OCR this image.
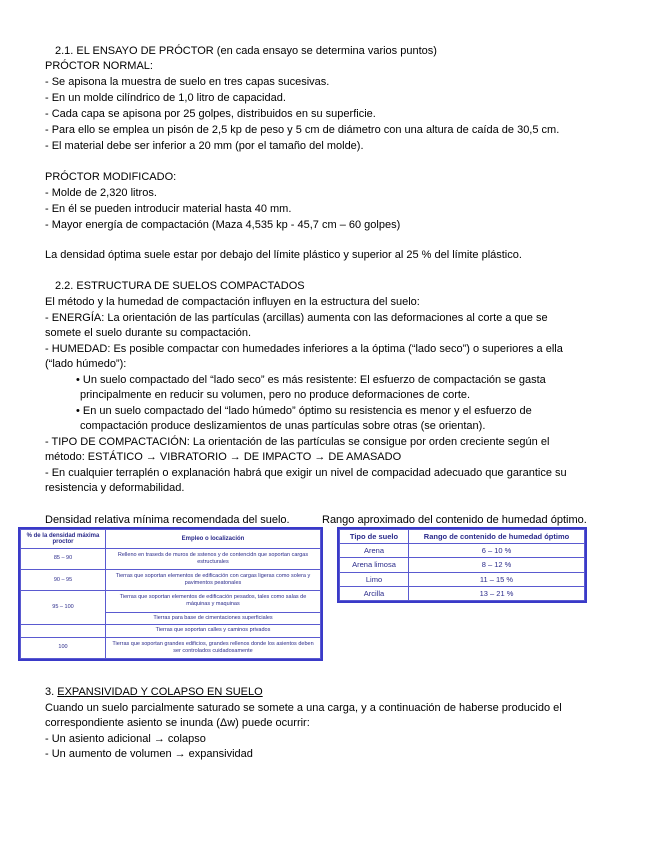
2.1. EL ENSAYO DE PRÓCTOR (en cada ensayo se determina varios puntos)
PRÓCTOR NORMAL:
- Se apisona la muestra de suelo en tres capas sucesivas.
- En un molde cilíndrico de 1,0 litro de capacidad.
- Cada capa se apisona por 25 golpes, distribuidos en su superficie.
- Para ello se emplea un pisón de 2,5 kp de peso y 5 cm de diámetro con una altura de caída de 30,5 cm.
- El material debe ser inferior a 20 mm (por el tamaño del molde).
PRÓCTOR MODIFICADO:
- Molde de 2,320 litros.
- En él se pueden introducir material hasta 40 mm.
- Mayor energía de compactación (Maza 4,535 kp - 45,7 cm – 60 golpes)
La densidad óptima suele estar por debajo del límite plástico y superior al 25 % del límite plástico.
2.2. ESTRUCTURA DE SUELOS COMPACTADOS
El método y la humedad de compactación influyen en la estructura del suelo:
- ENERGÍA: La orientación de las partículas (arcillas) aumenta con las deformaciones al corte a que se
somete el suelo durante su compactación.
- HUMEDAD: Es posible compactar con humedades inferiores a la óptima (“lado seco”) o superiores a ella
(“lado húmedo”):
• Un suelo compactado del “lado seco” es más resistente: El esfuerzo de compactación se gasta
principalmente en reducir su volumen, pero no produce deformaciones de corte.
• En un suelo compactado del “lado húmedo” óptimo su resistencia es menor y el esfuerzo de
compactación produce deslizamientos de unas partículas sobre otras (se orientan).
- TIPO DE COMPACTACIÓN: La orientación de las partículas se consigue por orden creciente según el
método: ESTÁTICO → VIBRATORIO → DE IMPACTO → DE AMASADO
- En cualquier terraplén o explanación habrá que exigir un nivel de compacidad adecuado que garantice su
resistencia y deformabilidad.
Densidad relativa mínima recomendada del suelo.	Rango aproximado del contenido de humedad óptimo.
% de la densidad máxima proctor	Empleo o localización
85 – 90	Relleno en traseds de muros de sstenos y de contencidn que soportan cargas estructurales
90 – 95	Tierras que soportan elementos de edificación con cargas ligeras como solera y pavimentos peatonales
95 – 100	Tierras que soportan elementos de edificación pesados, tales como salas de máquinas y maquinas
	Tierras para base de cimentaciones superficiales
	Tierras que soportan calles y caminos privados
100	Tierras que soportan grandes edificios, grandes rellenos donde los asientos deben ser controlados cuidadosamente
Tipo de suelo	Rango de contenido de humedad óptimo
Arena	6 – 10 %
Arena limosa	8 – 12 %
Limo	11 – 15 %
Arcilla	13 – 21 %
3. EXPANSIVIDAD Y COLAPSO EN SUELO
Cuando un suelo parcialmente saturado se somete a una carga, y a continuación de haberse producido el
correspondiente asiento se inunda (Δw) puede ocurrir:
- Un asiento adicional → colapso
- Un aumento de volumen → expansividad
